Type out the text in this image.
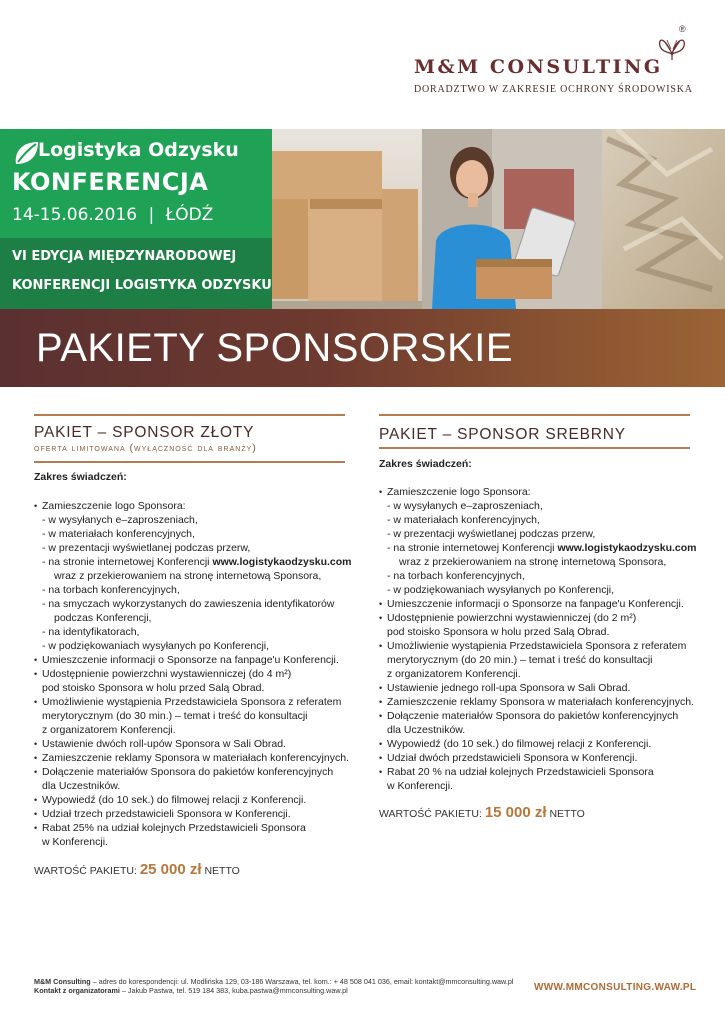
®
M&M CONSULTING
DORADZTWO W ZAKRESIE OCHRONY ŚRODOWISKA
Logistyka Odzysku
KONFERENCJA
14-15.06.2016 | ŁÓDŹ
VI EDYCJA MIĘDZYNARODOWEJ
KONFERENCJI LOGISTYKA ODZYSKU
PAKIETY SPONSORSKIE
PAKIET – SPONSOR ZŁOTY
oferta limitowana (wyłączność dla branży)
Zakres świadczeń:
• Zamieszczenie logo Sponsora:
- w wysyłanych e–zaproszeniach,
- w materiałach konferencyjnych,
- w prezentacji wyświetlanej podczas przerw,
- na stronie internetowej Konferencji www.logistykaodzysku.com
wraz z przekierowaniem na stronę internetową Sponsora,
- na torbach konferencyjnych,
- na smyczach wykorzystanych do zawieszenia identyfikatorów
podczas Konferencji,
- na identyfikatorach,
- w podziękowaniach wysyłanych po Konferencji,
• Umieszczenie informacji o Sponsorze na fanpage'u Konferencji.
• Udostępnienie powierzchni wystawienniczej (do 4 m²)
pod stoisko Sponsora w holu przed Salą Obrad.
• Umożliwienie wystąpienia Przedstawiciela Sponsora z referatem
merytorycznym (do 30 min.) – temat i treść do konsultacji
z organizatorem Konferencji.
• Ustawienie dwóch roll-upów Sponsora w Sali Obrad.
• Zamieszczenie reklamy Sponsora w materiałach konferencyjnych.
• Dołączenie materiałów Sponsora do pakietów konferencyjnych
dla Uczestników.
• Wypowiedź (do 10 sek.) do filmowej relacji z Konferencji.
• Udział trzech przedstawicieli Sponsora w Konferencji.
• Rabat 25% na udział kolejnych Przedstawicieli Sponsora
w Konferencji.
WARTOŚĆ PAKIETU: 25 000 zł NETTO
PAKIET – SPONSOR SREBRNY
Zakres świadczeń:
• Zamieszczenie logo Sponsora:
- w wysyłanych e–zaproszeniach,
- w materiałach konferencyjnych,
- w prezentacji wyświetlanej podczas przerw,
- na stronie internetowej Konferencji www.logistykaodzysku.com
wraz z przekierowaniem na stronę internetową Sponsora,
- na torbach konferencyjnych,
- w podziękowaniach wysyłanych po Konferencji,
• Umieszczenie informacji o Sponsorze na fanpage'u Konferencji.
• Udostępnienie powierzchni wystawienniczej (do 2 m²)
pod stoisko Sponsora w holu przed Salą Obrad.
• Umożliwienie wystąpienia Przedstawiciela Sponsora z referatem
merytorycznym (do 20 min.) – temat i treść do konsultacji
z organizatorem Konferencji.
• Ustawienie jednego roll-upa Sponsora w Sali Obrad.
• Zamieszczenie reklamy Sponsora w materiałach konferencyjnych.
• Dołączenie materiałów Sponsora do pakietów konferencyjnych
dla Uczestników.
• Wypowiedź (do 10 sek.) do filmowej relacji z Konferencji.
• Udział dwóch przedstawicieli Sponsora w Konferencji.
• Rabat 20 % na udział kolejnych Przedstawicieli Sponsora
w Konferencji.
WARTOŚĆ PAKIETU: 15 000 zł NETTO
M&M Consulting – adres do korespondencji: ul. Modlińska 129, 03-186 Warszawa, tel. kom.: + 48 508 041 036, email: kontakt@mmconsulting.waw.pl
Kontakt z organizatorami – Jakub Pastwa, tel. 519 184 383, kuba.pastwa@mmconsulting.waw.pl	WWW.MMCONSULTING.WAW.PL
